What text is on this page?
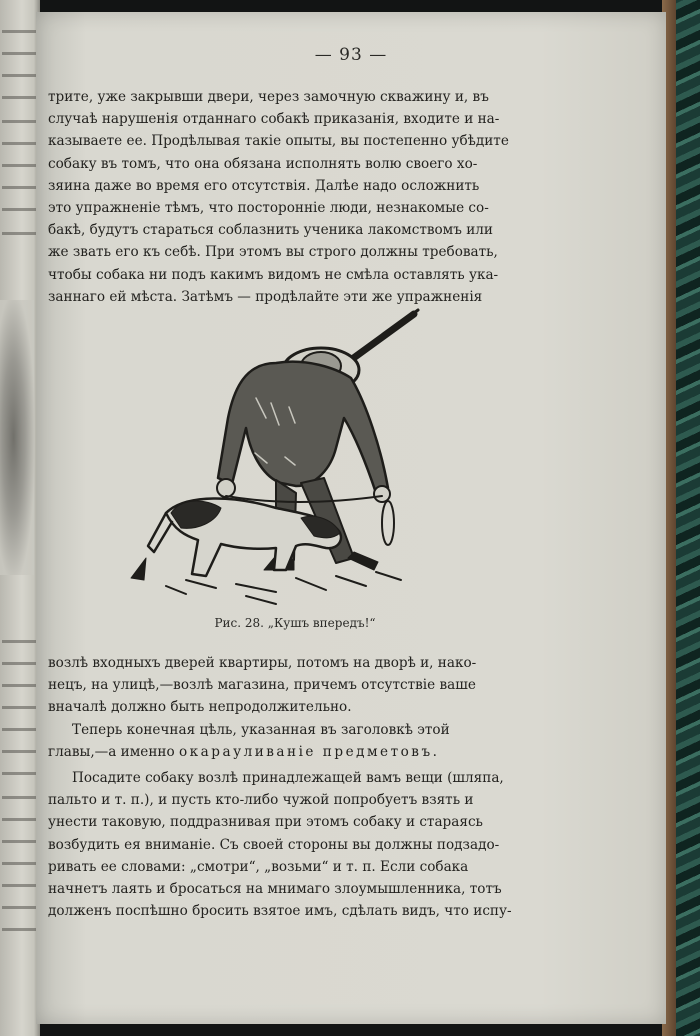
— 93 —

трите, уже закрывши двери, через замочную скважину и, въ

случаѣ нарушенія отданнаго собакѣ приказанія, входите и на-

казываете ее. Продѣлывая такіе опыты, вы постепенно убѣдите

собаку въ томъ, что она обязана исполнять волю своего хо-

зяина даже во время его отсутствія. Далѣе надо осложнить

это упражненіе тѣмъ, что посторонніе люди, незнакомые со-

бакѣ, будутъ стараться соблазнить ученика лакомствомъ или

же звать его къ себѣ. При этомъ вы строго должны требовать,

чтобы собака ни подъ какимъ видомъ не смѣла оставлять ука-

заннаго ей мѣста. Затѣмъ — продѣлайте эти же упражненія

Рис. 28. „Кушъ впередъ!“

возлѣ входныхъ дверей квартиры, потомъ на дворѣ и, нако-

нецъ, на улицѣ,—возлѣ магазина, причемъ отсутствіе ваше

вначалѣ должно быть непродолжительно.

Теперь конечная цѣль, указанная въ заголовкѣ этой

главы,—а именно окарауливаніе предметовъ.

Посадите собаку возлѣ принадлежащей вамъ вещи (шляпа,

пальто и т. п.), и пусть кто-либо чужой попробуетъ взять и

унести таковую, поддразнивая при этомъ собаку и стараясь

возбудить ея вниманіе. Съ своей стороны вы должны подзадо-

ривать ее словами: „смотри“, „возьми“ и т. п. Если собака

начнетъ лаять и бросаться на мнимаго злоумышленника, тотъ

долженъ поспѣшно бросить взятое имъ, сдѣлать видъ, что испу-
